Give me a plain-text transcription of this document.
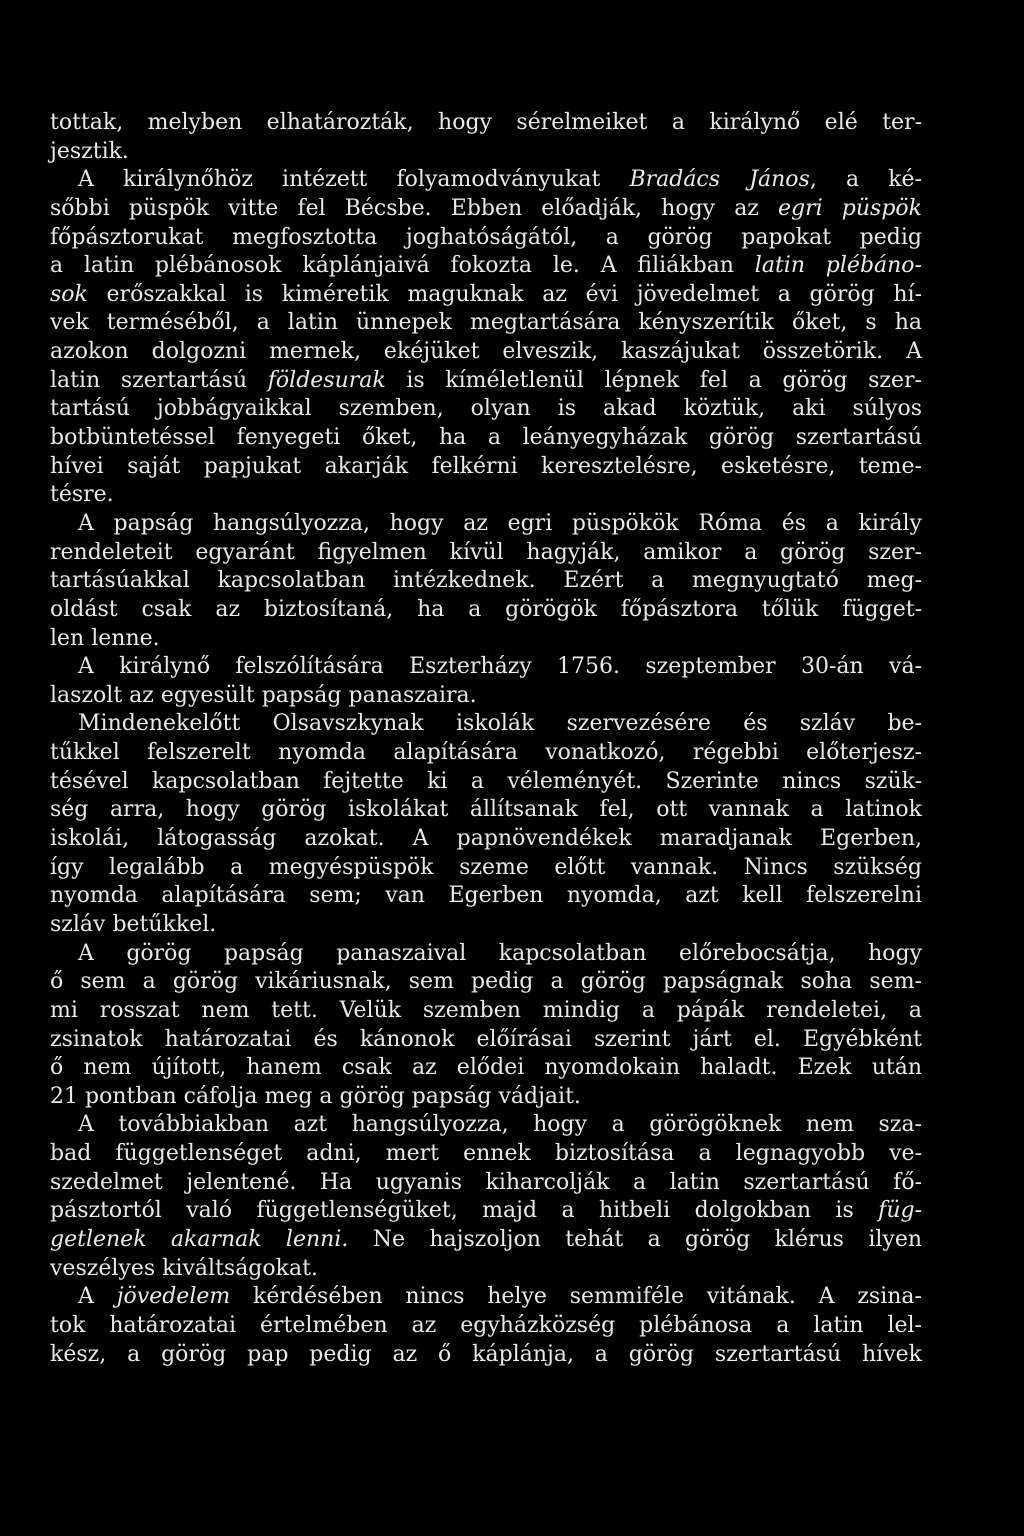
tottak, melyben elhatározták, hogy sérelmeiket a királynő elé ter-
jesztik.
A királynőhöz intézett folyamodványukat Bradács János, a ké-
sőbbi püspök vitte fel Bécsbe. Ebben előadják, hogy az egri püspök
főpásztorukat megfosztotta joghatóságától, a görög papokat pedig
a latin plébánosok káplánjaivá fokozta le. A filiákban latin plébáno-
sok erőszakkal is kiméretik maguknak az évi jövedelmet a görög hí-
vek terméséből, a latin ünnepek megtartására kényszerítik őket, s ha
azokon dolgozni mernek, ekéjüket elveszik, kaszájukat összetörik. A
latin szertartású földesurak is kíméletlenül lépnek fel a görög szer-
tartású jobbágyaikkal szemben, olyan is akad köztük, aki súlyos
botbüntetéssel fenyegeti őket, ha a leányegyházak görög szertartású
hívei saját papjukat akarják felkérni keresztelésre, esketésre, teme-
tésre.
A papság hangsúlyozza, hogy az egri püspökök Róma és a király
rendeleteit egyaránt figyelmen kívül hagyják, amikor a görög szer-
tartásúakkal kapcsolatban intézkednek. Ezért a megnyugtató meg-
oldást csak az biztosítaná, ha a görögök főpásztora tőlük függet-
len lenne.
A királynő felszólítására Eszterházy 1756. szeptember 30-án vá-
laszolt az egyesült papság panaszaira.
Mindenekelőtt Olsavszkynak iskolák szervezésére és szláv be-
tűkkel felszerelt nyomda alapítására vonatkozó, régebbi előterjesz-
tésével kapcsolatban fejtette ki a véleményét. Szerinte nincs szük-
ség arra, hogy görög iskolákat állítsanak fel, ott vannak a latinok
iskolái, látogasság azokat. A papnövendékek maradjanak Egerben,
így legalább a megyéspüspök szeme előtt vannak. Nincs szükség
nyomda alapítására sem; van Egerben nyomda, azt kell felszerelni
szláv betűkkel.
A görög papság panaszaival kapcsolatban előrebocsátja, hogy
ő sem a görög vikáriusnak, sem pedig a görög papságnak soha sem-
mi rosszat nem tett. Velük szemben mindig a pápák rendeletei, a
zsinatok határozatai és kánonok előírásai szerint járt el. Egyébként
ő nem újított, hanem csak az elődei nyomdokain haladt. Ezek után
21 pontban cáfolja meg a görög papság vádjait.
A továbbiakban azt hangsúlyozza, hogy a görögöknek nem sza-
bad függetlenséget adni, mert ennek biztosítása a legnagyobb ve-
szedelmet jelentené. Ha ugyanis kiharcolják a latin szertartású fő-
pásztortól való függetlenségüket, majd a hitbeli dolgokban is füg-
getlenek akarnak lenni. Ne hajszoljon tehát a görög klérus ilyen
veszélyes kiváltságokat.
A jövedelem kérdésében nincs helye semmiféle vitának. A zsina-
tok határozatai értelmében az egyházközség plébánosa a latin lel-
kész, a görög pap pedig az ő káplánja, a görög szertartású hívek
